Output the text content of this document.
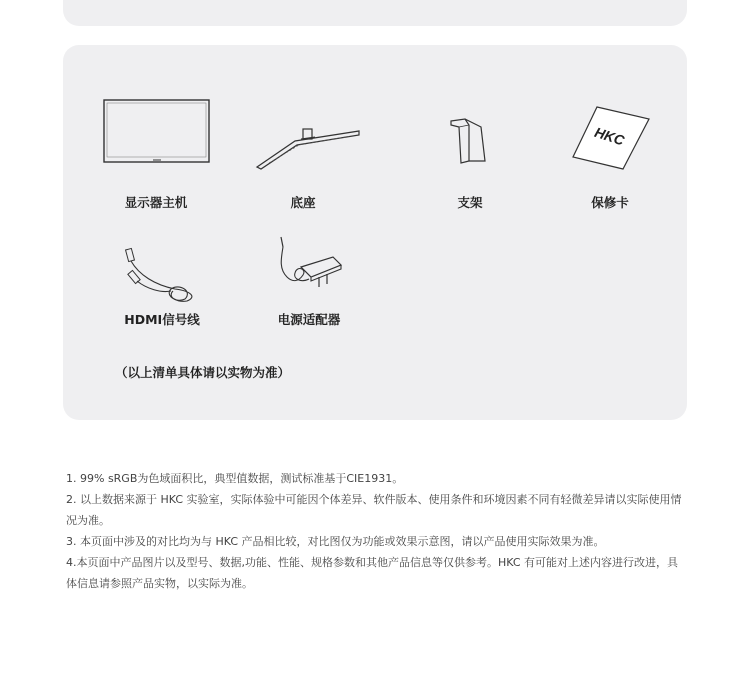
显示器主机	底座	支架
HKC
保修卡
HDMI信号线	电源适配器
（以上清单具体请以实物为准）

1. 99% sRGB为色域面积比，典型值数据，测试标准基于CIE1931。

2. 以上数据来源于 HKC 实验室，实际体验中可能因个体差异、软件版本、使用条件和环境因素不同有轻微差异请以实际使用情况为准。

3. 本页面中涉及的对比均为与 HKC 产品相比较，对比图仅为功能或效果示意图，请以产品使用实际效果为准。

4.本页面中产品图片以及型号、数据,功能、性能、规格参数和其他产品信息等仅供参考。HKC 有可能对上述内容进行改进，具体信息请参照产品实物，以实际为准。
